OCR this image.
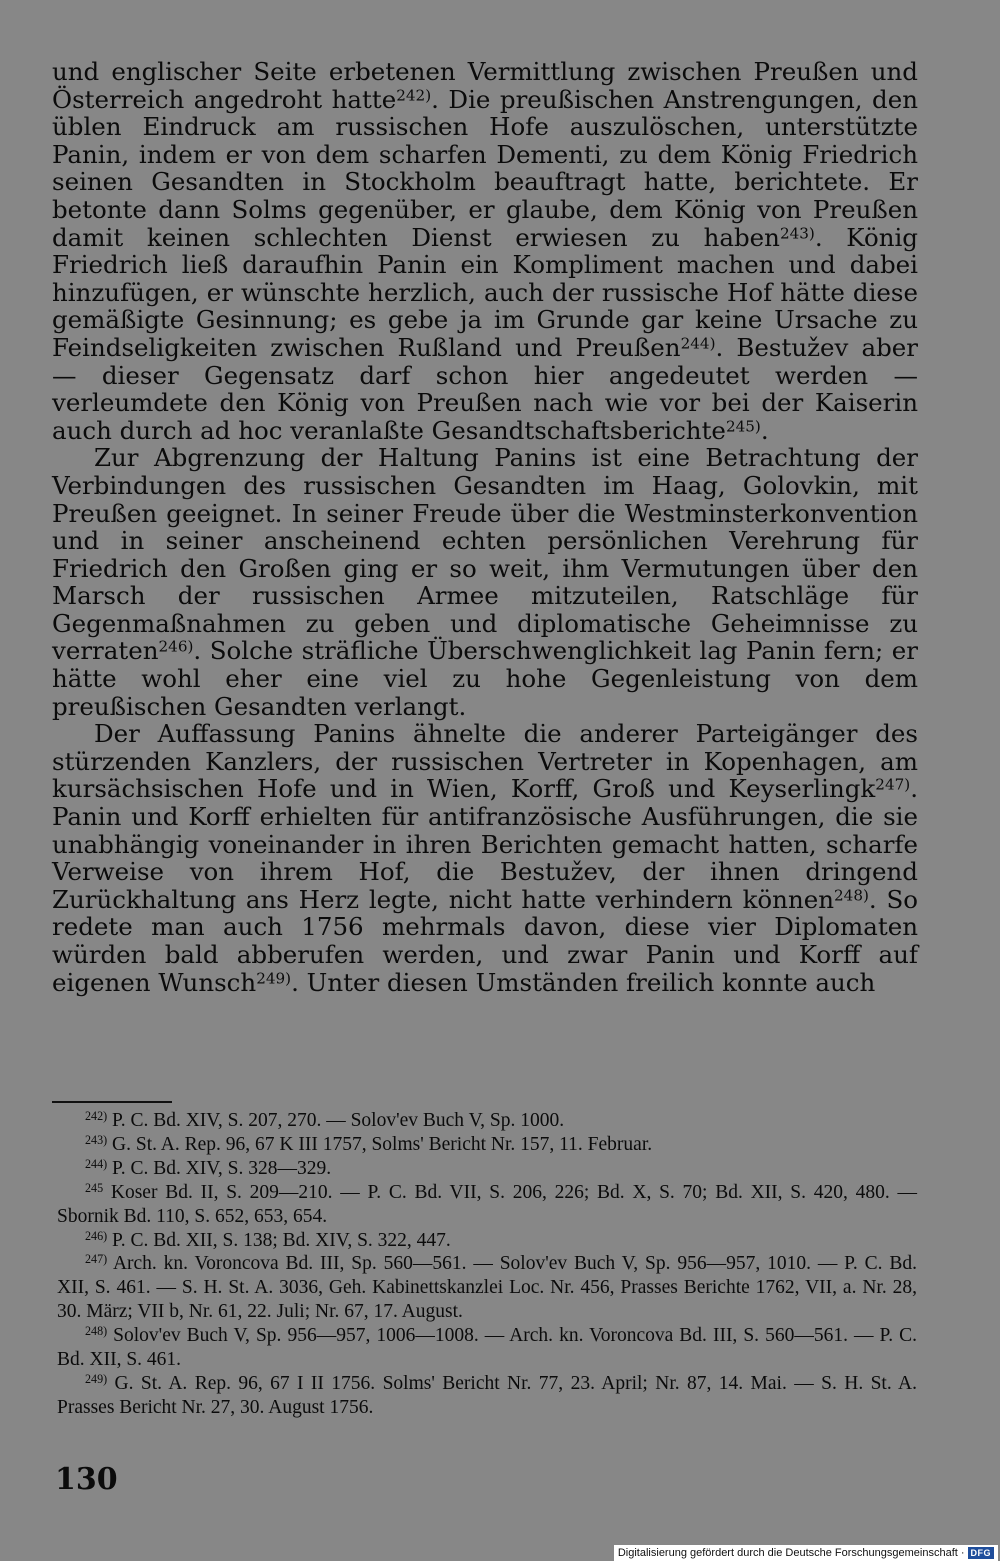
und englischer Seite erbetenen Vermittlung zwischen Preußen und Österreich angedroht hatte$^{242)}$. Die preußischen Anstrengungen, den üblen Eindruck am russischen Hofe auszulöschen, unterstützte Panin, indem er von dem scharfen Dementi, zu dem König Friedrich seinen Gesandten in Stockholm beauftragt hatte, berichtete. Er betonte dann Solms gegenüber, er glaube, dem König von Preußen damit keinen schlechten Dienst erwiesen zu haben$^{243)}$. König Friedrich ließ daraufhin Panin ein Kompliment machen und dabei hinzufügen, er wünschte herzlich, auch der russische Hof hätte diese gemäßigte Gesinnung; es gebe ja im Grunde gar keine Ursache zu Feindseligkeiten zwischen Rußland und Preußen$^{244)}$. Bestužev aber — dieser Gegensatz darf schon hier angedeutet werden — verleumdete den König von Preußen nach wie vor bei der Kaiserin auch durch ad hoc veranlaßte Gesandtschaftsberichte$^{245)}$.

Zur Abgrenzung der Haltung Panins ist eine Betrachtung der Verbindungen des russischen Gesandten im Haag, Golovkin, mit Preußen geeignet. In seiner Freude über die Westminsterkonvention und in seiner anscheinend echten persönlichen Verehrung für Friedrich den Großen ging er so weit, ihm Vermutungen über den Marsch der russischen Armee mitzuteilen, Ratschläge für Gegenmaßnahmen zu geben und diplomatische Geheimnisse zu verraten$^{246)}$. Solche sträfliche Überschwenglichkeit lag Panin fern; er hätte wohl eher eine viel zu hohe Gegenleistung von dem preußischen Gesandten verlangt.

Der Auffassung Panins ähnelte die anderer Parteigänger des stürzenden Kanzlers, der russischen Vertreter in Kopenhagen, am kursächsischen Hofe und in Wien, Korff, Groß und Keyserlingk$^{247)}$. Panin und Korff erhielten für antifranzösische Ausführungen, die sie unabhängig voneinander in ihren Berichten gemacht hatten, scharfe Verweise von ihrem Hof, die Bestužev, der ihnen dringend Zurückhaltung ans Herz legte, nicht hatte verhindern können$^{248)}$. So redete man auch 1756 mehrmals davon, diese vier Diplomaten würden bald abberufen werden, und zwar Panin und Korff auf eigenen Wunsch$^{249)}$. Unter diesen Umständen freilich konnte auch

$^{242)}$ P. C. Bd. XIV, S. 207, 270. — Solov'ev Buch V, Sp. 1000.

$^{243)}$ G. St. A. Rep. 96, 67 K III 1757, Solms' Bericht Nr. 157, 11. Februar.

$^{244)}$ P. C. Bd. XIV, S. 328—329.

$^{245}$ Koser Bd. II, S. 209—210. — P. C. Bd. VII, S. 206, 226; Bd. X, S. 70; Bd. XII, S. 420, 480. — Sbornik Bd. 110, S. 652, 653, 654.

$^{246)}$ P. C. Bd. XII, S. 138; Bd. XIV, S. 322, 447.

$^{247)}$ Arch. kn. Voroncova Bd. III, Sp. 560—561. — Solov'ev Buch V, Sp. 956—957, 1010. — P. C. Bd. XII, S. 461. — S. H. St. A. 3036, Geh. Kabinettskanzlei Loc. Nr. 456, Prasses Berichte 1762, VII, a. Nr. 28, 30. März; VII b, Nr. 61, 22. Juli; Nr. 67, 17. August.

$^{248)}$ Solov'ev Buch V, Sp. 956—957, 1006—1008. — Arch. kn. Voroncova Bd. III, S. 560—561. — P. C. Bd. XII, S. 461.

$^{249)}$ G. St. A. Rep. 96, 67 I II 1756. Solms' Bericht Nr. 77, 23. April; Nr. 87, 14. Mai. — S. H. St. A. Prasses Bericht Nr. 27, 30. August 1756.

130
Digitalisierung gefördert durch die Deutsche Forschungsgemeinschaft · DFG
